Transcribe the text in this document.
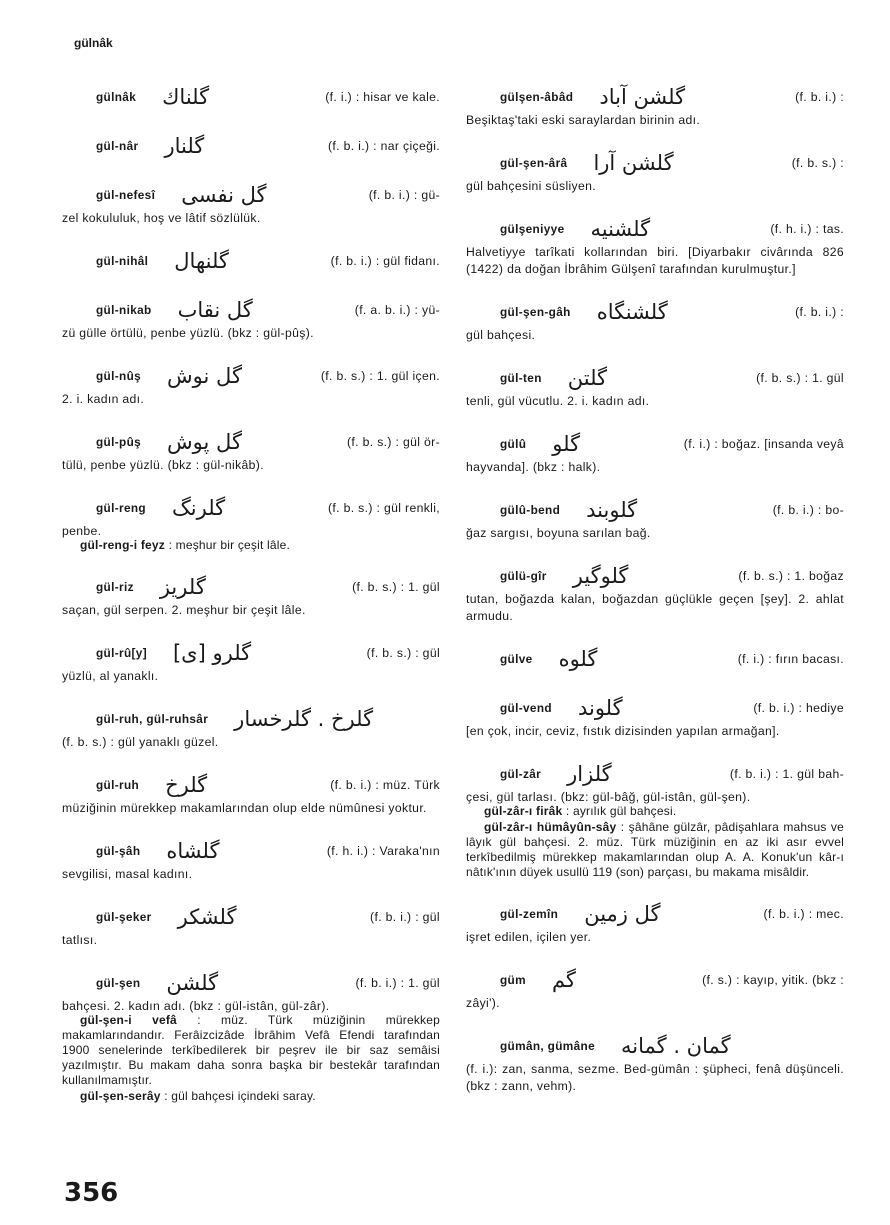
gülnâk
gülnâk گلناك	(f. i.) : hisar ve kale.
gül-nâr گلنار	(f. b. i.) : nar çiçeği.
gül-nefesî گل نفسی	(f. b. i.) : gü-
zel kokululuk, hoş ve lâtif sözlülük.
gül-nihâl گلنهال	(f. b. i.) : gül fidanı.
gül-nikab گل نقاب	(f. a. b. i.) : yü-
zü gülle örtülü, penbe yüzlü. (bkz : gül-pûş).
gül-nûş گل نوش	(f. b. s.) : 1. gül içen.
2. i. kadın adı.
gül-pûş گل پوش	(f. b. s.) : gül ör-
tülü, penbe yüzlü. (bkz : gül-nikâb).
gül-reng گلرنگ	(f. b. s.) : gül renkli,
penbe.
gül-reng-i feyz : meşhur bir çeşit lâle.
gül-riz گلریز	(f. b. s.) : 1. gül
saçan, gül serpen. 2. meşhur bir çeşit lâle.
gül-rû[y] گلرو [ی]	(f. b. s.) : gül
yüzlü, al yanaklı.
gül-ruh, gül-ruhsâr گلرخ . گلرخسار
(f. b. s.) : gül yanaklı güzel.
gül-ruh گلرخ	(f. b. i.) : müz. Türk
müziğinin mürekkep makamlarından olup elde nümûnesi yoktur.
gül-şâh گلشاه	(f. h. i.) : Varaka'nın
sevgilisi, masal kadını.
gül-şeker گلشکر	(f. b. i.) : gül
tatlısı.
gül-şen گلشن	(f. b. i.) : 1. gül
bahçesi. 2. kadın adı. (bkz : gül-istân, gül-zâr).
gül-şen-i vefâ : müz. Türk müziğinin mürekkep makamlarındandır. Ferâizcizâde İbrâhim Vefâ Efendi tarafından 1900 senelerinde terkîbedilerek bir peşrev ile bir saz semâisi yazılmıştır. Bu makam daha sonra başka bir bestekâr tarafından kullanılmamıştır.
gül-şen-serây : gül bahçesi içindeki saray.
gülşen-âbâd گلشن آباد	(f. b. i.) :
Beşiktaş'taki eski saraylardan birinin adı.
gül-şen-ârâ گلشن آرا	(f. b. s.) :
gül bahçesini süsliyen.
gülşeniyye گلشنیه	(f. h. i.) : tas.
Halvetiyye tarîkati kollarından biri. [Diyarbakır civârında 826 (1422) da doğan İbrâhim Gülşenî tarafından kurulmuştur.]
gül-şen-gâh گلشنگاه	(f. b. i.) :
gül bahçesi.
gül-ten گلتن	(f. b. s.) : 1. gül
tenli, gül vücutlu. 2. i. kadın adı.
gülû گلو	(f. i.) : boğaz. [insanda veyâ
hayvanda]. (bkz : halk).
gülû-bend گلوبند	(f. b. i.) : bo-
ğaz sargısı, boyuna sarılan bağ.
gülü-gîr گلوگیر	(f. b. s.) : 1. boğaz
tutan, boğazda kalan, boğazdan güçlükle geçen [şey]. 2. ahlat armudu.
gülve گلوه	(f. i.) : fırın bacası.
gül-vend گلوند	(f. b. i.) : hediye
[en çok, incir, ceviz, fıstık dizisinden yapılan armağan].
gül-zâr گلزار	(f. b. i.) : 1. gül bah-
çesi, gül tarlası. (bkz: gül-bâğ, gül-istân, gül-şen).
gül-zâr-ı firâk : ayrılık gül bahçesi.
gül-zâr-ı hümâyûn-sây : şâhâne gülzâr, pâdişahlara mahsus ve lâyık gül bahçesi. 2. müz. Türk müziğinin en az iki asır evvel terkîbedilmiş mürekkep makamlarından olup A. A. Konuk'un kâr-ı nâtık'ının düyek usullü 119 (son) parçası, bu makama misâldir.
gül-zemîn گل زمین	(f. b. i.) : mec.
işret edilen, içilen yer.
güm گم	(f. s.) : kayıp, yitik. (bkz :
zâyi').
gümân, gümâne گمان . گمانه
(f. i.): zan, sanma, sezme. Bed-gümân : şüpheci, fenâ düşünceli. (bkz : zann, vehm).
356
